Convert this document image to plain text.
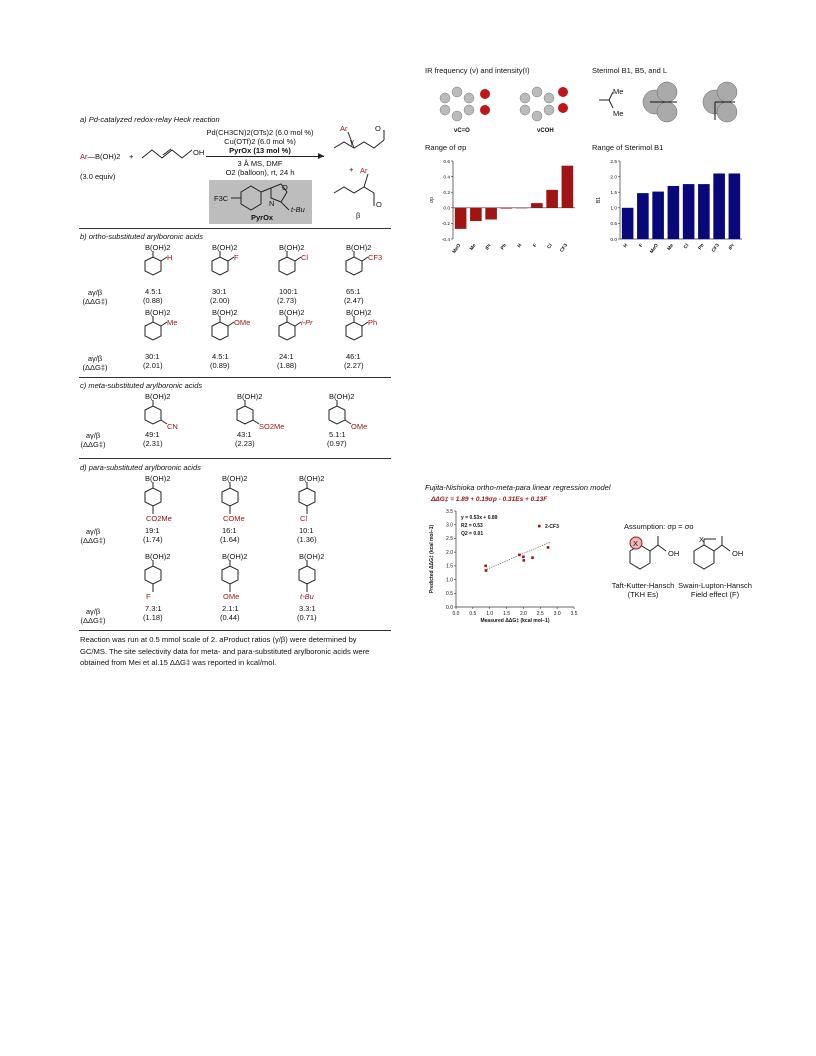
a) Pd-catalyzed redox-relay Heck reaction
Ar—B(OH)2 +
(3.0 equiv)
OH
Pd(CH3CN)2(OTs)2 (6.0 mol %)
Cu(OTf)2 (6.0 mol %)
PyrOx (13 mol %)
3 Å MS, DMF
O2 (balloon), rt, 24 h
F3C
N
O
t-Bu
PyrOx
Ar
γ
O
+ Ar
β
O
b) ortho-substituted arylboronic acids
B(OH)2
H
4.5:1
(0.88)
B(OH)2
F
30:1
(2.00)
B(OH)2
Cl
100:1
(2.73)
B(OH)2
CF3
65:1
(2.47)
aγ/β
(ΔΔG‡)
B(OH)2
Me
30:1
(2.01)
B(OH)2
OMe
4.5:1
(0.89)
B(OH)2
i-Pr
24:1
(1.88)
B(OH)2
Ph
46:1
(2.27)
aγ/β
(ΔΔG‡)
c) meta-substituted arylboronic acids
B(OH)2
CN
49:1
(2.31)
B(OH)2
SO2Me
43:1
(2.23)
B(OH)2
OMe
5.1:1
(0.97)
aγ/β
(ΔΔG‡)
d) para-substituted arylboronic acids
B(OH)2
CO2Me
19:1
(1.74)
B(OH)2
COMe
16:1
(1.64)
B(OH)2
Cl
10:1
(1.36)
aγ/β
(ΔΔG‡)
B(OH)2
F
7.3:1
(1.18)
B(OH)2
OMe
2.1:1
(0.44)
B(OH)2
t-Bu
3.3:1
(0.71)
aγ/β
(ΔΔG‡)
Reaction was run at 0.5 mmol scale of 2. aProduct ratios (γ/β) were determined by
GC/MS. The site selectivity data for meta- and para-substituted arylboronic acids were
obtained from Mei et al.15 ΔΔG‡ was reported in kcal/mol.
IR frequency (ν) and intensity(I)
νC=O	νCOH
Sterimol B1, B5, and L
Me
Me
Range of σp
-0.4
-0.2
0.0
0.2
0.4
0.6
σp
MeO Me iPr Ph H F Cl CF3
Range of Sterimol B1
0.0
0.5
1.0
1.5
2.0
2.5
B1
H F MeO Me Cl Ph CF3 iPr
Fujita-Nishioka ortho-meta-para linear regression model
ΔΔG‡ = 1.89 + 0.19σp - 0.31Es + 0.13F
0.0 0.5 1.0 1.5 2.0 2.5 3.0 3.5
0.0
0.5
1.0
1.5
2.0
2.5
3.0
3.5
Measured ΔΔG‡ (kcal mol−1)
Predicted ΔΔG‡ (kcal mol−1)
y = 0.53x + 0.89
R2 = 0.53
Q2 = 0.01
2-CF3	Assumption: σp = σo
X
OH
X
OH
Taft-Kutter-Hansch
(TKH Es)
Swain-Lupton-Hansch
Field effect (F)
